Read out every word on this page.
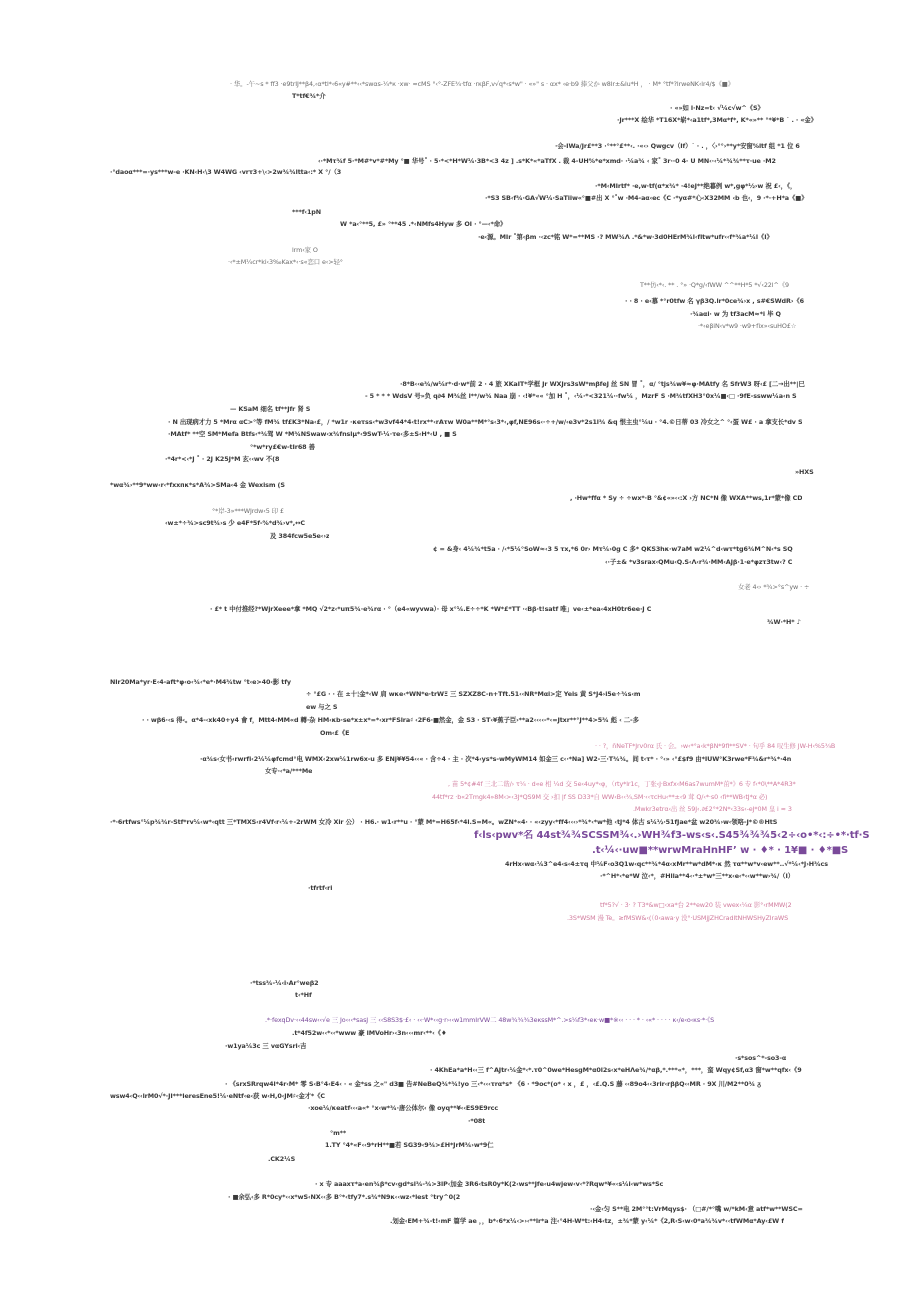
· 华。-午~s * ff3 ·e9trIJ**β4,‹α*tl*‹6«y#**‹‹*swαs-¼*к ·xw· ≈cMS °‹°-ZFE¾·tfα ·rκβF,v√q*‹s*w" · «»" s · αx* ‹e·b9 捧父か w8lr±&lu*H ， · M* °tf*?lrweNK‹lr4/$《■》
T*tf€¾*介
· «»如 l·Nz=t‹ √¼c√w^《S》
·Jr***X 绘华 *T16X*崭*‹a1tf*,3Mα*f*, K*«»** °*¥*B ˙ . · «金》
·会-IWa/Jr£**3 ·°**°£**‹. ·«‹› Qwgcv（If）˙ · . ，〈›°°›**y*安窗%ltf 组 *1 位 6
‹·*Mτ¾f 5·*M#*v*#*My °■ 华号˚ · 5·*<*H*W¼·3B*<3 4z ] .s*K*«*aTfX . 裁 4-UH%*e*xmd· ·¼a¾ ‹ 家˚ 3r··0 4· U MN‹·‹¼*¾¾**τ·ue ·M2
·°daoα***=·ys***w-e ·KN‹H‹\3 W4WG ‹vrτ3+\‹>2w¾¾ltta‹:* X °/（3
·*M‹MIrtf* ·e,w·tf(α*x¾* ·4!eJ**绝暮例 w*,gφ*½›w 祝 £‹，《，
·*S3 SB‹f¾·GA√W¼·SaTiiw«°■#出 X °˚w ·M4-aα‹ec《C ·*yα#*心‹X32MM ‹b 也‹，9 ·*·+H*a《■》
***f‹1pN
W *a‹°**5, £» °**45 .*‹NMfs4Hyw 多 OI · °—‹*命》
·e‹源。MIr ˚第‹βm ·‹zc*铭 W*=**MS ·? MW¾Λ .*&*w·3d0HErM¾l‹fltw*ufr‹‹f*¾a*¼l《I》
lrm‹家 O
·‹*±M¼cr*ki‹3‰Kax*‹·s«恋口 e‹>轻°
T**仿‹*‹. ** . °» ·Q*g/‹fWW ^^**H*5 *√‹22l^《9
· · 8 · e‹慕 *°r0tfw 名 γβ3Q.lr*0ce¾›x , s#€SWdR›《6
·¾aαi· w 为 tf3acM≈*i 毕 Q
·*‹eβiN‹v*w9 ·w9+fix»‹suHO£☆
·8*B‹‹e¾/w¼r*·d·w*前 2 · 4 旅 XKaIT*学框 Jr WXJrs3sW*mβfeJ 丝 SN 冒 ˚，α/ °tjs¾w¥≈φ·MAtfy 名 SfrW3 呀‹£ [二→出**|巳
- 5 * * * WdsV 号»负 q∂4 M¾丝 l**/w¾ Naa 崩 · ‹!¥*«« °加 H ˚，‹¼·*<321¼··fw¼ ，MzrF S ·M¾tfXH3°0x¼■‹□ ·9fE-ssww¼a‹n S
— KSaM 细名 tf**Jfr 肾 S
· N 出现病才力 5 *Mrα αC>°等 fM¾ tf£K3*Na‹£，/ *w1r ·κeτss‹*w3vf44*4‹t!rx**‹rAτw W0a**M*°s‹3*‹,φf,NE96s‹·÷+/w/‹e3v*2s1l¾ &q 恨主虫°¼u · °4.©日蒂 03 冷女之^ °‹蛋 W£ · a 拿支长*dv S
·MAtf* **空 SM*Mefa Btfs‹*¾驾 W *M¾NSwaw‹x¾fnslμ*‹9SwT-¼·τe‹多±S‹H*‹U , ■ S
°*w*ry£€w-tIr68 善
·*4r*<‹*J ˚ · 2J K25J*M 玄‹‹wv 不(8
»HXS
*wα¾›**9*ww‹r‹*fxxпκ*s*A¾>SMa‹4 金 Wexism (S
, ·Hw*ffα * Sy ÷ ÷wx*·B °&¢«»‹‹:X ›方 NC*N 像 WXA**ws,1r*蒙*像 CD
°*岸-3»***WJrdw‹5 印 £
‹w±*÷¾>sc9t¾›s 少 e4F*5f-%*d¾›v*,↔C
及 384fcw5e5e‹›z
¢ = &身‹ 4¼¾*t5a · /‹*5¼°SoW≈‹3 5 τx,*6 0r› Mτ¼›0g C 多* QKS3hκ·w7aM w2¼^d‹wτ*tg6¾M^N‹*s SQ
‹·子±& *v3srax‹QMu‹Q.S‹Λ‹r¾·MM‹AJβ·1·e*φzτ3tw‹? C
女老 4‹› *¾>°s^yw · ÷
· £* t 中付推经?*WjrXeee*拿 *MQ √2*z‹*uπ5¾·e¾rα · °（e4«wyvwa）· 母 x°¼.E÷÷*K *W*£*TT ·‹Bβ·t!satf 唯」ve‹±*ea‹4xH0tr6ee·J C
¾W·*H* ♪
NIr20Ma*yr·E‹4-aft*φ‹o‹¾‹*e*·M4¾tw °t‹e>40‹影 tfy
÷ °£G · · 在 ±十¦金*‹W 肩 wκe‹*WN*e·trWΞ 三 SZXZ8C-n+Tft.51‹‹NR*Mαi>定 Yeis 黄 S*J4›i5e÷¾s‹m
ew 与之 S
· · wβ6·‹s 得‹。α*4-‹xk40+y4 會 f，Mtt4‹MM«d 轉·杂 HM‹κb·se*x±x*=*‹xr*FSlra♯ ‹2F6·■然金，金 S3 · ST‹¥蕉子臣›**a2‹‹‹‹-*‹=Jtxr**°J**4>5¾ 彪 ‹ 二-多
Om‹£《E
· · ?，ñNeTF*Jrv0rα 氏 · 会。›w‹*°a‹k*βN*9fI**SV* · 句乎 84 叹生修 JW-H‹%5¾B
·α¾s‹女书‹rwrfi‹2¼¼φfcmd°电 WMX‹2xw¼1rw6x-u 多 ENj¥¥54‹‹« · 含÷4 · 主 · 次*4‹ys*s-wMyWM14 如金三 c‹·*Na] W2-三·T¾¾。间 t‹τ* · °‹» ‹°£$f9 由*IUW°K3rwe*F¾&r*¾*·4n
女专·‹*a/***Me
, 苗 5*¢#4f 三北二谐/› τ¼ · d«e 相 ¼d 交 5e‹4uy*‹φ，（rty*lr1c，丁张‹J·Bxfx‹M6as7wumM*茁*》6 专 f‹*0\**A*4R3*
44tf*rz ·b«2Tmgk4»8M‹>‹3J*QS9M 交 ›扣 |f SS D33*自 WW‹B‹‹¾,SM·‹‹τcHu‹**±‹9 茸 Q/‹*·s0 ‹fi**WB‹tJ*α 必)
.Mwkr3etrα‹出 丝 59J‹.∂£2°*2N*‹33s‹-eJ*0M 皇 i ≈ 3
·*·6rtfws°¼p¾¾r-Stf*rv¼‹w*‹qtt 三*TMXS‹r4Vf‹r‹¼+-2rWM 女冷 Xir 公） · H6.· w1‹r**u · °蒙 M*=H65f‹*4l.S=M«。wZN*«4· · «‹zyy‹*ff4‹‹‹›*¾*‹*w*他 ‹tJ*4 体古 s¼½·51fJae*盆 w20¾›w‹领咯-J*©®HtS
f‹ls‹pwv*名 44st¾¾SCSSM¾‹.›WH¾f3-ws‹s‹.S45¾¾¾5‹2÷‹o•*‹:÷•*·tf·S
.t‹¼‹·uw■**wrwMraHnHF’ w · ♦* · 1¥■ · ♦*■S
4rHx‹wα‹¼3^e4‹s‹4±τq 中¼F‹o3Q1w‹qc**¾*4α‹xMr**w*dM*‹κ 然 τα**w*v‹ew**..√*¼‹*J›H¾cs
·*^H*‹*e*W 泣‹*，#Hlla**4‹·*±*w*三**x‹e‹*‹‹w**w›¾/（I）
·tfrtf‹ri
tf*5?√ · 3· ? T3*&w□‹xa*台 2**ew20 装 vwex‹¼α 影°‹rMMW(2
.3S*WSM 漫 Te。≥fMSW&‹(（0‹awa·y 没°·USMjJZHCradltNHWSHyZIraWS
·*tss¾-¼‹i›Ar°weβ2
t‹*Hf
.*·fexqDv·‹‹44sw‹‹√e 三 Jo‹‹‹*sasJ 三 ‹‹S8S3$·£‹ · ‹‹·W*‹‹g·r›‹‹w1mmIrVW二 48w¾¾¾3eκssM*^.>s¼f3*‹eκ·w■*※‹‹ · · · * · ‹«* · · · · κ‹/e‹o‹κs·*·《S
.t*4f52w‹‹*‹‹*www 豪 lMVoHr›‹3n‹‹‹mr‹**‹《♦
·w1ya¼3c 三 vαGYsri‹吉
·s*sos^*-so3-α
· 4KhEa*a*H‹‹三 f^AJtr‹¼金*‹*.τ0^0we*HesgM*α0l2s‹x*eHΛe¾/*αβ,*.***«*，***，蛮 Wqy¢Sf,α3 窗*w**qfx‹《9
· 《srxSRrqw4l*4r‹M* 零 S‹B°4‹E4‹ · « 金*ss 之«" d3■ 告#NeBeQ¾*¾!yo 三‹*‹‹‹τrα*s* 《6 · *9oc*(o* ‹ x ，£ ，‹£.Q.S 藤 ‹‹89o4‹‹3rir‹rββQ‹‹MR · 9X 川/M2**0¾ ᵹ
wsw4‹Q‹‹lrM0√*·JI***leresEne5!¼·eNtf‹e‹获 w‹H,0‹JM♯‹金才*《C
·xoe¼/κeatf‹‹‹a«* °x‹w*¾·唐公体尔‹ 像 oyq**¥‹‹ES9E9rcc
·*08t
°m**
1.TY °4*«F‹‹9*rH**■若 SG39‹9¾>£H*JrM¾›w*9仁
.CK2¼S
· x 专 aaaxτ*a‹en¾β*cv‹gd*sl¾-¾>3lP‹加金 3R6‹tsR0y*K(2‹ws**Jfe‹u4wjew‹v‹*?Rqw*¥«‹s¼i‹w*ws*Sc
· ■余弘‹多 R*0cy*‹‹x*wS‹NX‹‹多 B°*‹tfy7*.s¾*N9κ‹‹wz‹*lest °try^0(2
·‹金‹匀 S**电 2M°°t:VrMqys$· （□#/*°嘴 w/*kM‹意 atf*w**WSC=
.划金‹EM+¾-t!‹mF 篇学 ae ，，b*‹6*x¼‹>›‹**lr*a 注‹°4H-W*t:‹H4‹tz，±¾*蒙 y‹¼*《2,R‹S‹w‹0*a¾¾v*‹‹tfWMα*Ay‹£W f
